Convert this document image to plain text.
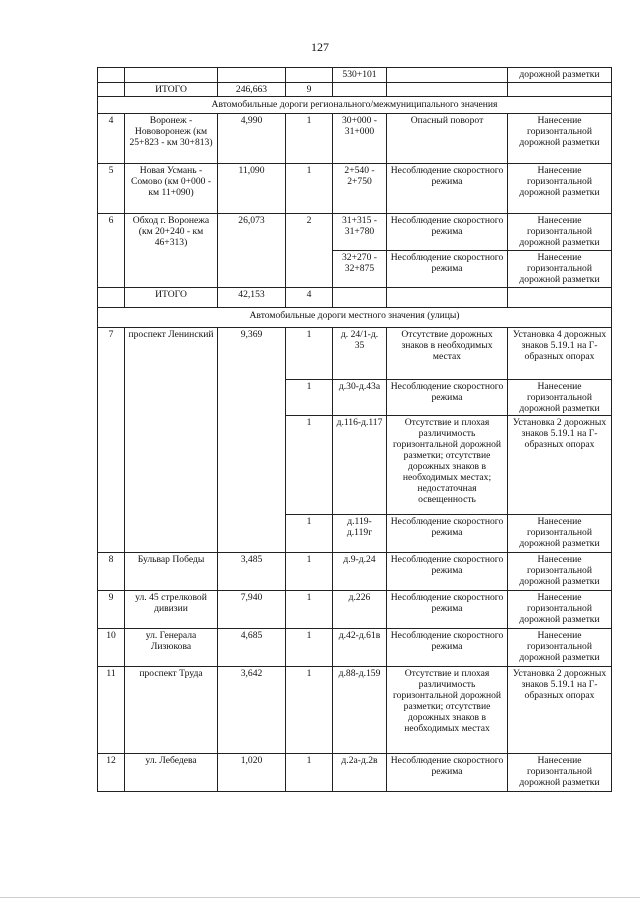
127
				530+101		дорожной разметки
	ИТОГО	246,663	9			
Автомобильные дороги регионального/межмуниципального значения						
4	Воронеж - Нововоронеж (км 25+823 - км 30+813)	4,990	1	30+000 - 31+000	Опасный поворот	Нанесение горизонтальной дорожной разметки
5	Новая Усмань - Сомово (км 0+000 - км 11+090)	11,090	1	2+540 - 2+750	Несоблюдение скоростного режима	Нанесение горизонтальной дорожной разметки
6	Обход г. Воронежа (км 20+240 - км 46+313)	26,073	2	31+315 - 31+780	Несоблюдение скоростного режима	Нанесение горизонтальной дорожной разметки
				32+270 - 32+875	Несоблюдение скоростного режима	Нанесение горизонтальной дорожной разметки
	ИТОГО	42,153	4			
Автомобильные дороги местного значения (улицы)						
7	проспект Ленинский	9,369	1	д. 24/1-д. 35	Отсутствие дорожных знаков в необходимых местах	Установка 4 дорожных знаков 5.19.1 на Г-образных опорах
			1	д.30-д.43а	Несоблюдение скоростного режима	Нанесение горизонтальной дорожной разметки
			1	д.116-д.117	Отсутствие и плохая различимость горизонтальной дорожной разметки; отсутствие дорожных знаков в необходимых местах; недостаточная освещенность	Установка 2 дорожных знаков 5.19.1 на Г-образных опорах
			1	д.119-д.119г	Несоблюдение скоростного режима	Нанесение горизонтальной дорожной разметки
8	Бульвар Победы	3,485	1	д.9-д.24	Несоблюдение скоростного режима	Нанесение горизонтальной дорожной разметки
9	ул. 45 стрелковой дивизии	7,940	1	д.226	Несоблюдение скоростного режима	Нанесение горизонтальной дорожной разметки
10	ул. Генерала Лизюкова	4,685	1	д.42-д.61в	Несоблюдение скоростного режима	Нанесение горизонтальной дорожной разметки
11	проспект Труда	3,642	1	д.88-д.159	Отсутствие и плохая различимость горизонтальной дорожной разметки; отсутствие дорожных знаков в необходимых местах	Установка 2 дорожных знаков 5.19.1 на Г-образных опорах
12	ул. Лебедева	1,020	1	д.2а-д.2в	Несоблюдение скоростного режима	Нанесение горизонтальной дорожной разметки
